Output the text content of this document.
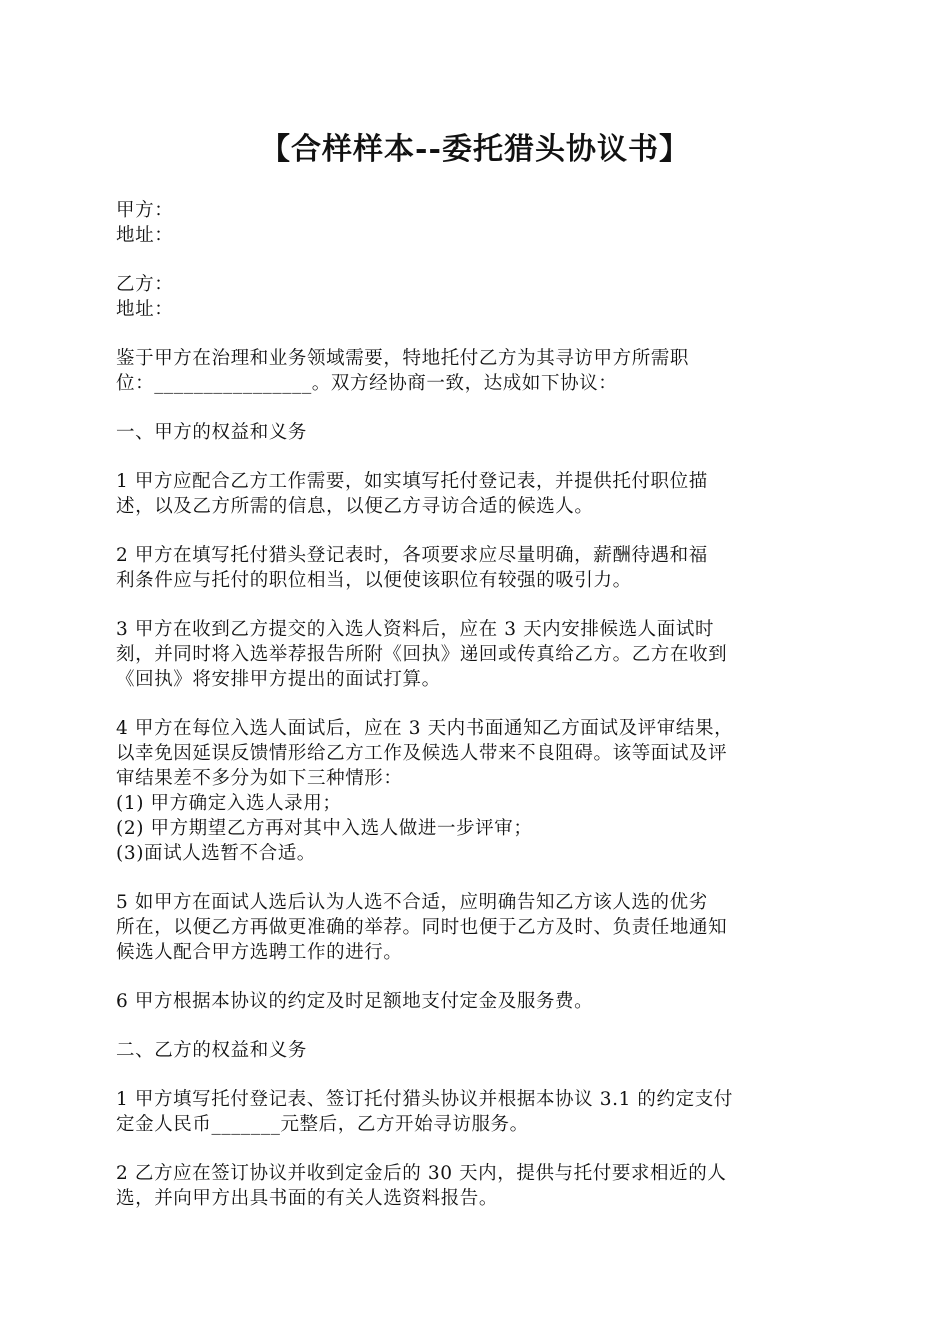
【合样样本--委托猎头协议书】
甲方：
地址：
乙方：
地址：
鉴于甲方在治理和业务领域需要，特地托付乙方为其寻访甲方所需职
位：________________。双方经协商一致，达成如下协议：
一、甲方的权益和义务
1 甲方应配合乙方工作需要，如实填写托付登记表，并提供托付职位描
述，以及乙方所需的信息，以便乙方寻访合适的候选人。
2 甲方在填写托付猎头登记表时，各项要求应尽量明确，薪酬待遇和福
利条件应与托付的职位相当，以便使该职位有较强的吸引力。
3 甲方在收到乙方提交的入选人资料后，应在 3 天内安排候选人面试时
刻，并同时将入选举荐报告所附《回执》递回或传真给乙方。乙方在收到
《回执》将安排甲方提出的面试打算。
4 甲方在每位入选人面试后，应在 3 天内书面通知乙方面试及评审结果，
以幸免因延误反馈情形给乙方工作及候选人带来不良阻碍。该等面试及评
审结果差不多分为如下三种情形：
(1) 甲方确定入选人录用；
(2) 甲方期望乙方再对其中入选人做进一步评审；
(3)面试人选暂不合适。
5 如甲方在面试人选后认为人选不合适，应明确告知乙方该人选的优劣
所在，以便乙方再做更准确的举荐。同时也便于乙方及时、负责任地通知
候选人配合甲方选聘工作的进行。
6 甲方根据本协议的约定及时足额地支付定金及服务费。
二、乙方的权益和义务
1 甲方填写托付登记表、签订托付猎头协议并根据本协议 3.1 的约定支付
定金人民币_______元整后，乙方开始寻访服务。
2 乙方应在签订协议并收到定金后的 30 天内，提供与托付要求相近的人
选，并向甲方出具书面的有关人选资料报告。
